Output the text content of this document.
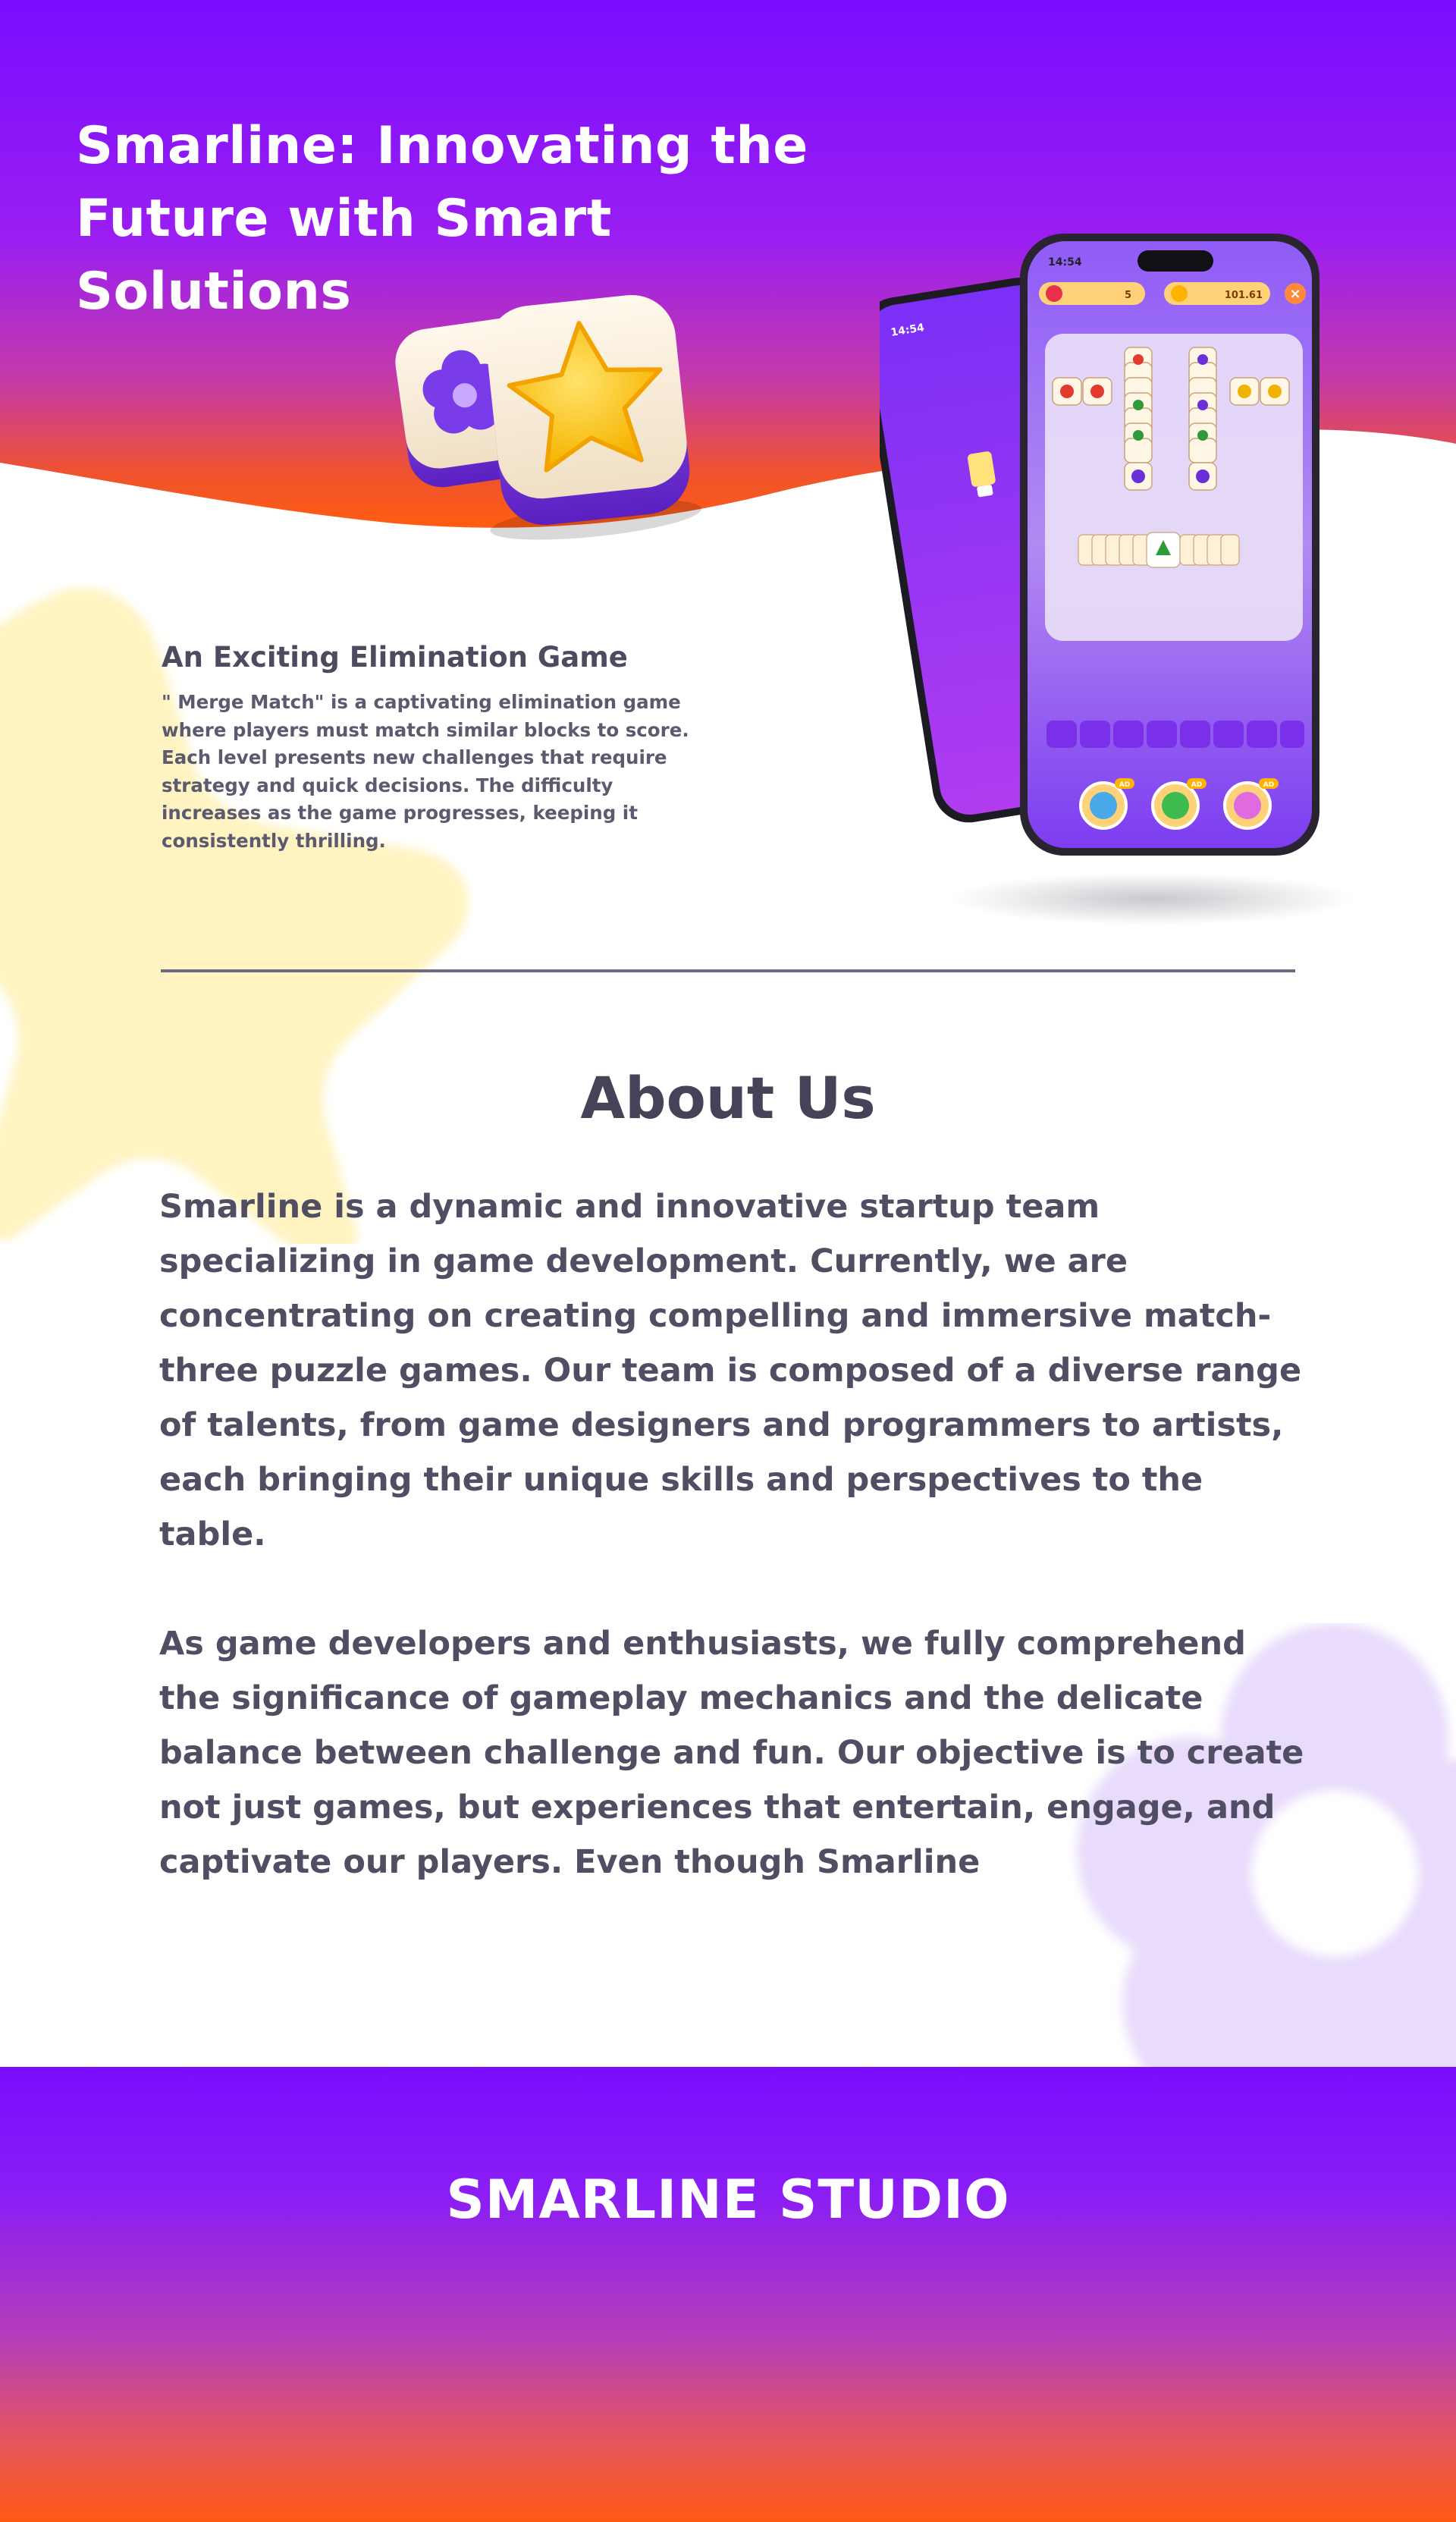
Smarline: Innovating the Future with Smart Solutions
14:54
14:54
5	101.61 ×
AD	AD	AD
An Exciting Elimination Game

" Merge Match" is a captivating elimination game where players must match similar blocks to score. Each level presents new challenges that require strategy and quick decisions. The difficulty increases as the game progresses, keeping it consistently thrilling.

About Us

Smarline is a dynamic and innovative startup team specializing in game development. Currently, we are concentrating on creating compelling and immersive match-three puzzle games. Our team is composed of a diverse range of talents, from game designers and programmers to artists, each bringing their unique skills and perspectives to the table.

As game developers and enthusiasts, we fully comprehend the significance of gameplay mechanics and the delicate balance between challenge and fun. Our objective is to create not just games, but experiences that entertain, engage, and captivate our players. Even though Smarline

SMARLINE STUDIO
